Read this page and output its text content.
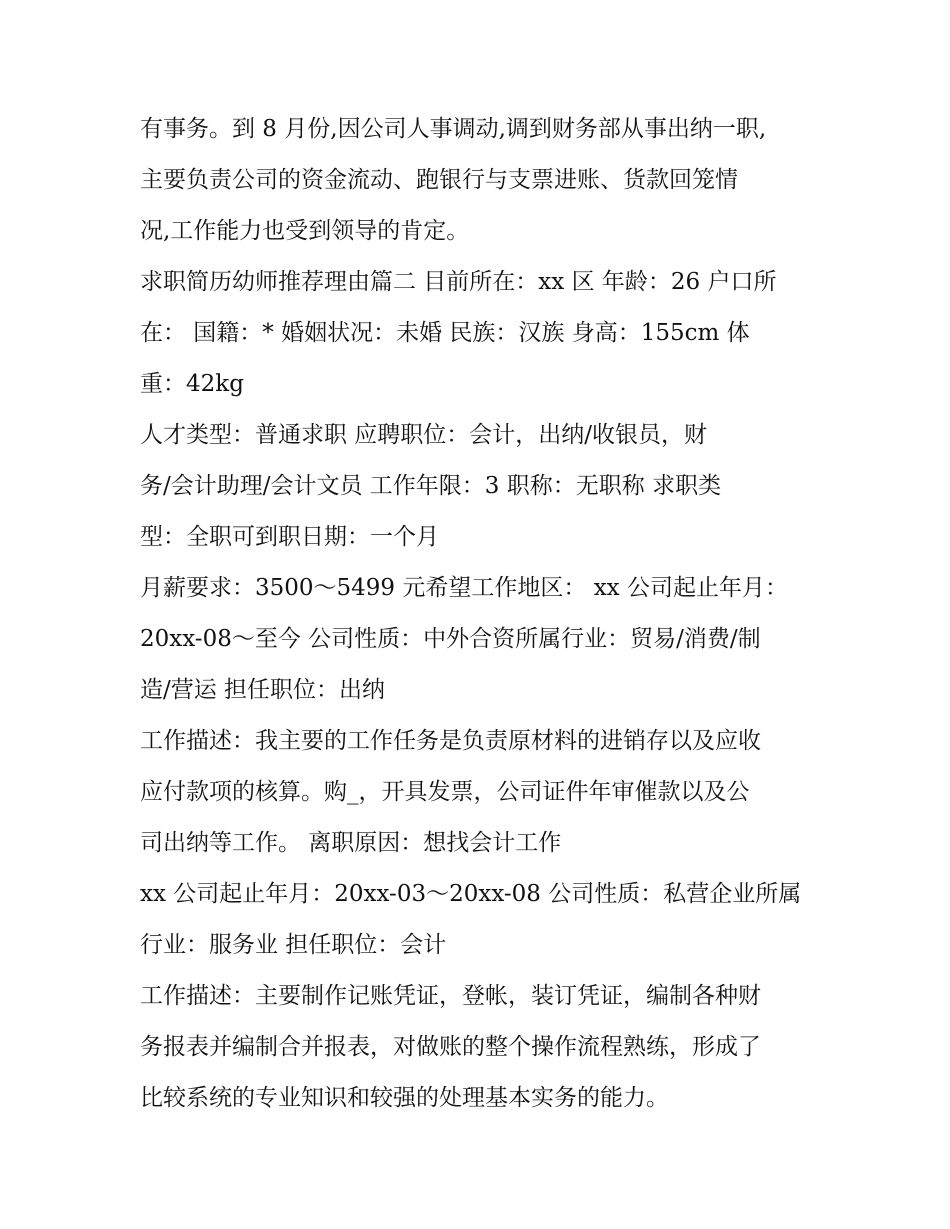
有事务。到 8 月份,因公司人事调动,调到财务部从事出纳一职,
主要负责公司的资金流动、跑银行与支票进账、货款回笼情
况,工作能力也受到领导的肯定。
求职简历幼师推荐理由篇二 目前所在：xx 区 年龄：26 户口所
在： 国籍：* 婚姻状况：未婚 民族：汉族 身高：155cm 体
重：42kg
人才类型：普通求职 应聘职位：会计，出纳/收银员，财
务/会计助理/会计文员 工作年限：3 职称：无职称 求职类
型：全职可到职日期：一个月
月薪要求：3500～5499 元希望工作地区： xx 公司起止年月：
20xx-08～至今 公司性质：中外合资所属行业：贸易/消费/制
造/营运 担任职位：出纳
工作描述：我主要的工作任务是负责原材料的进销存以及应收
应付款项的核算。购_，开具发票，公司证件年审催款以及公
司出纳等工作。 离职原因：想找会计工作
xx 公司起止年月：20xx-03～20xx-08 公司性质：私营企业所属
行业：服务业 担任职位：会计
工作描述：主要制作记账凭证，登帐，装订凭证，编制各种财
务报表并编制合并报表，对做账的整个操作流程熟练，形成了
比较系统的专业知识和较强的处理基本实务的能力。
